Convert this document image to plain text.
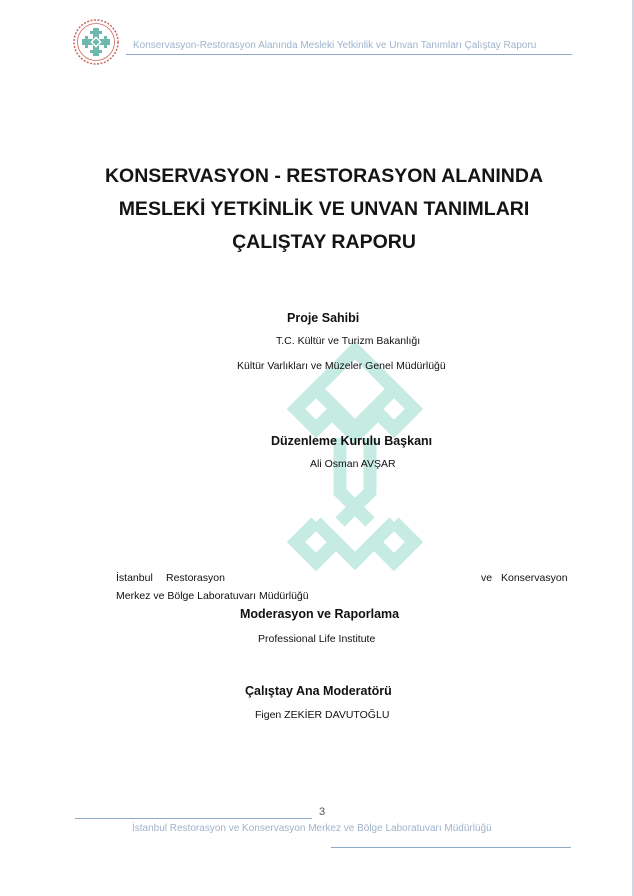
Konservasyon-Restorasyon Alanında Mesleki Yetkinlik ve Unvan Tanımları Çalıştay Raporu
KONSERVASYON - RESTORASYON ALANINDA
MESLEKİ YETKİNLİK VE UNVAN TANIMLARI
ÇALIŞTAY RAPORU
Proje Sahibi
T.C. Kültür ve Turizm Bakanlığı
Kültür Varlıkları ve Müzeler Genel Müdürlüğü
Düzenleme Kurulu Başkanı
Ali Osman AVŞAR
İstanbul Restorasyon	ve Konservasyon
Merkez ve Bölge Laboratuvarı Müdürlüğü
Moderasyon ve Raporlama
Professional Life Institute
Çalıştay Ana Moderatörü
Figen ZEKİER DAVUTOĞLU
3
İstanbul Restorasyon ve Konservasyon Merkez ve Bölge Laboratuvarı Müdürlüğü
